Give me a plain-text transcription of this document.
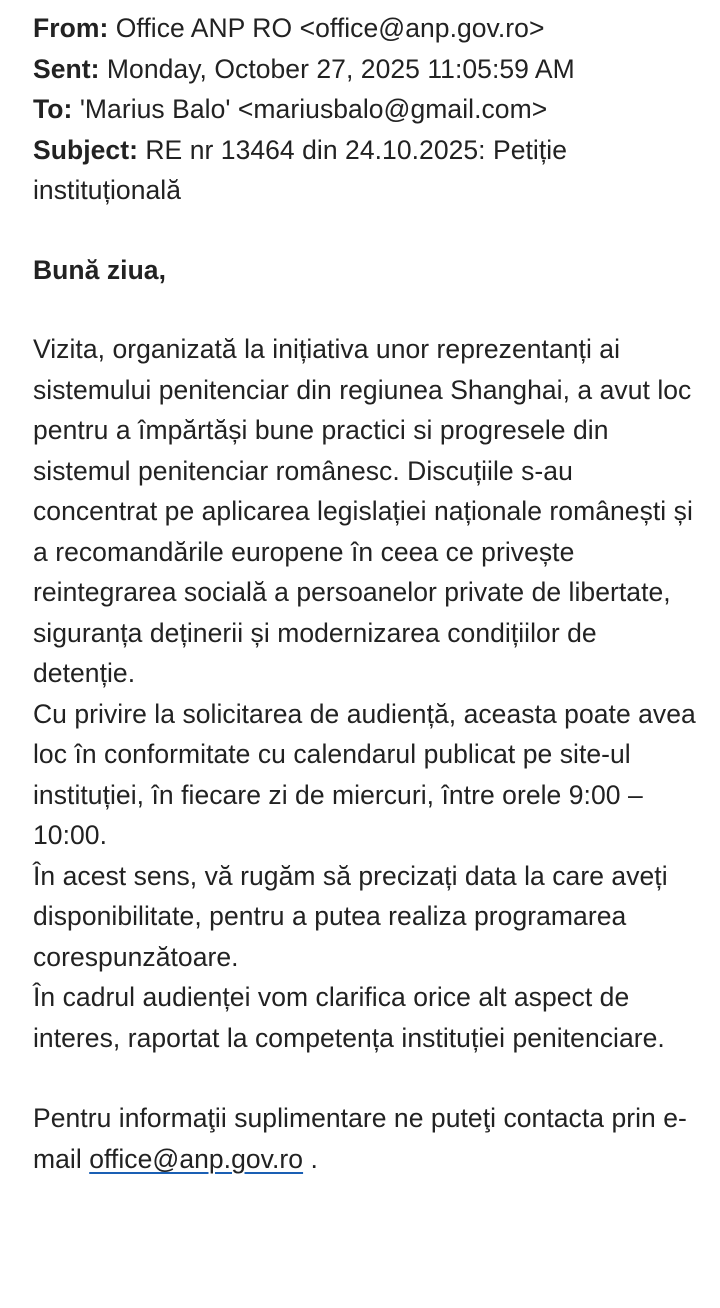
From: Office ANP RO <office@anp.gov.ro>

Sent: Monday, October 27, 2025 11:05:59 AM

To: 'Marius Balo' <mariusbalo@gmail.com>

Subject: RE nr 13464 din 24.10.2025: Petiție instituțională

Bună ziua,

Vizita, organizată la inițiativa unor reprezentanți ai sistemului penitenciar din regiunea Shanghai, a avut loc pentru a împărtăși bune practici si progresele din sistemul penitenciar românesc. Discuțiile s-au concentrat pe aplicarea legislației naționale românești și a recomandările europene în ceea ce privește reintegrarea socială a persoanelor private de libertate, siguranța deținerii și modernizarea condițiilor de detenție.

Cu privire la solicitarea de audiență, aceasta poate avea loc în conformitate cu calendarul publicat pe site-ul instituției, în fiecare zi de miercuri, între orele 9:00 – 10:00.

În acest sens, vă rugăm să precizați data la care aveți disponibilitate, pentru a putea realiza programarea corespunzătoare.

În cadrul audienței vom clarifica orice alt aspect de interes, raportat la competența instituției penitenciare.

Pentru informaţii suplimentare ne puteţi contacta prin e-mail office@anp.gov.ro .
